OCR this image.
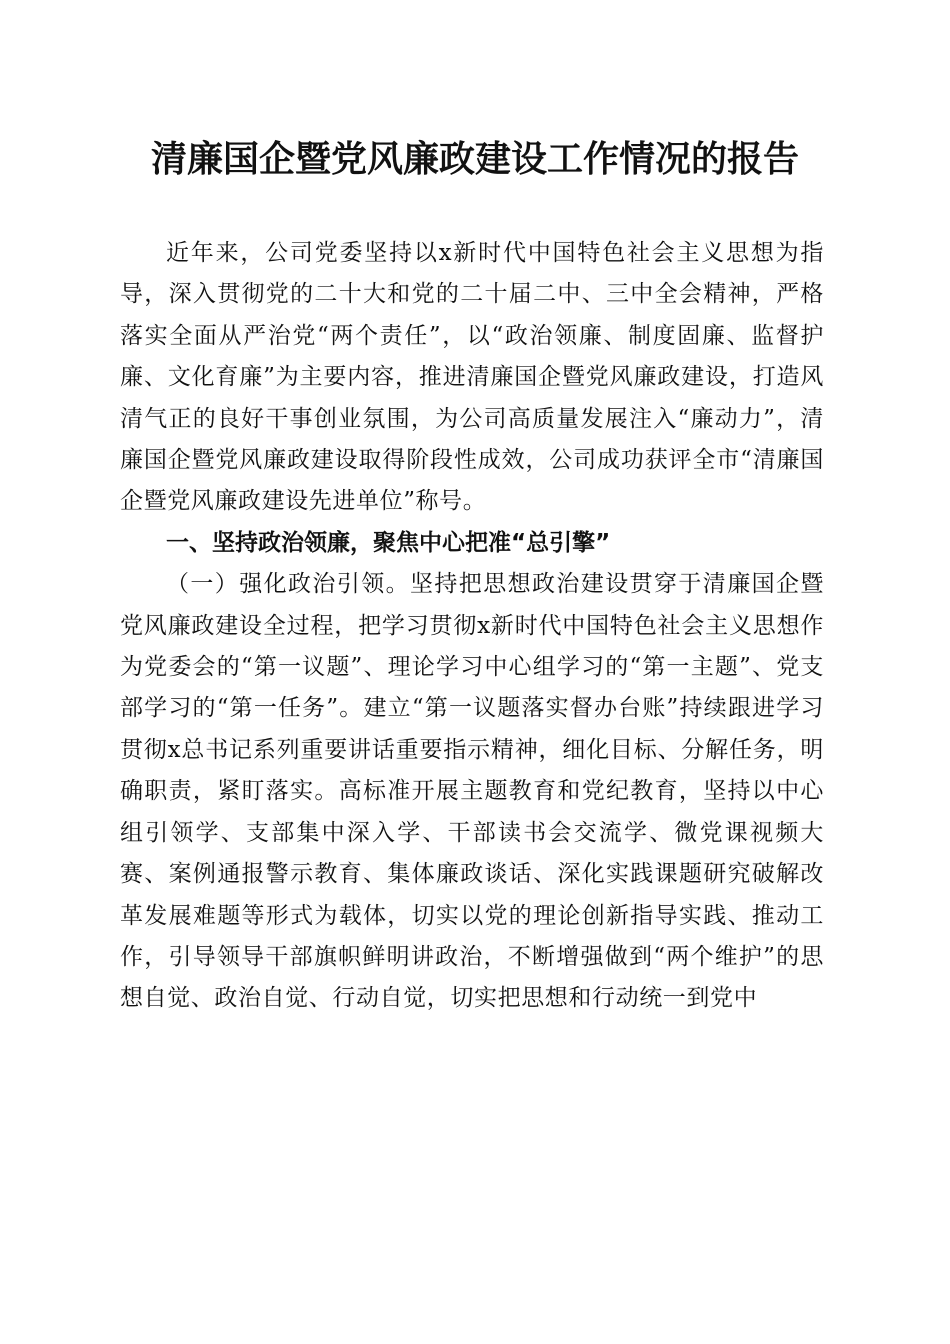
清廉国企暨党风廉政建设工作情况的报告

近年来，公司党委坚持以x新时代中国特色社会主义思想为指导，深入贯彻党的二十大和党的二十届二中、三中全会精神，严格落实全面从严治党“两个责任”，以“政治领廉、制度固廉、监督护廉、文化育廉”为主要内容，推进清廉国企暨党风廉政建设，打造风清气正的良好干事创业氛围，为公司高质量发展注入“廉动力”，清廉国企暨党风廉政建设取得阶段性成效，公司成功获评全市“清廉国企暨党风廉政建设先进单位”称号。

一、坚持政治领廉，聚焦中心把准“总引擎”

（一）强化政治引领。坚持把思想政治建设贯穿于清廉国企暨党风廉政建设全过程，把学习贯彻x新时代中国特色社会主义思想作为党委会的“第一议题”、理论学习中心组学习的“第一主题”、党支部学习的“第一任务”。建立“第一议题落实督办台账”持续跟进学习贯彻x总书记系列重要讲话重要指示精神，细化目标、分解任务，明确职责，紧盯落实。高标准开展主题教育和党纪教育，坚持以中心组引领学、支部集中深入学、干部读书会交流学、微党课视频大赛、案例通报警示教育、集体廉政谈话、深化实践课题研究破解改革发展难题等形式为载体，切实以党的理论创新指导实践、推动工作，引导领导干部旗帜鲜明讲政治，不断增强做到“两个维护”的思想自觉、政治自觉、行动自觉，切实把思想和行动统一到党中
